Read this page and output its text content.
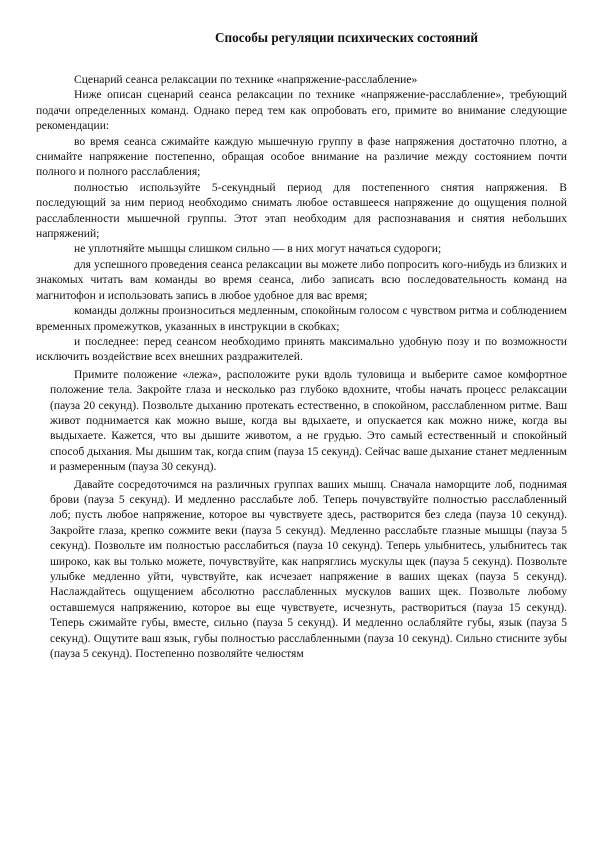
Способы регуляции психических состояний

Сценарий сеанса релаксации по технике «напряжение-расслабление»

Ниже описан сценарий сеанса релаксации по технике «напряжение-расслабление», требующий подачи определенных команд. Однако перед тем как опробовать его, примите во внимание следующие рекомендации:

во время сеанса сжимайте каждую мышечную группу в фазе напряжения достаточно плотно, а снимайте напряжение постепенно, обращая особое внимание на различие между состоянием почти полного и полного расслабления;

полностью используйте 5-секундный период для постепенного снятия напряжения. В последующий за ним период необходимо снимать любое оставшееся напряжение до ощущения полной расслабленности мышечной группы. Этот этап необходим для распознавания и снятия небольших напряжений;

не уплотняйте мышцы слишком сильно — в них могут начаться судороги;

для успешного проведения сеанса релаксации вы можете либо попросить кого-нибудь из близких и знакомых читать вам команды во время сеанса, либо записать всю последовательность команд на магнитофон и использовать запись в любое удобное для вас время;

команды должны произноситься медленным, спокойным голосом с чувством ритма и соблюдением временных промежутков, указанных в инструкции в скобках;

и последнее: перед сеансом необходимо принять максимально удобную позу и по возможности исключить воздействие всех внешних раздражителей.

Примите положение «лежа», расположите руки вдоль туловища и выберите самое комфортное положение тела. Закройте глаза и несколько раз глубоко вдохните, чтобы начать процесс релаксации (пауза 20 секунд). Позвольте дыханию протекать естественно, в спокойном, расслабленном ритме. Ваш живот поднимается как можно выше, когда вы вдыхаете, и опускается как можно ниже, когда вы выдыхаете. Кажется, что вы дышите животом, а не грудью. Это самый естественный и спокойный способ дыхания. Мы дышим так, когда спим (пауза 15 секунд). Сейчас ваше дыхание станет медленным и размеренным (пауза 30 секунд).

Давайте сосредоточимся на различных группах ваших мышц. Сначала наморщите лоб, поднимая брови (пауза 5 секунд). И медленно расслабьте лоб. Теперь почувствуйте полностью расслабленный лоб; пусть любое напряжение, которое вы чувствуете здесь, растворится без следа (пауза 10 секунд). Закройте глаза, крепко сожмите веки (пауза 5 секунд). Медленно расслабьте глазные мышцы (пауза 5 секунд). Позвольте им полностью расслабиться (пауза 10 секунд). Теперь улыбнитесь, улыбнитесь так широко, как вы только можете, почувствуйте, как напряглись мускулы щек (пауза 5 секунд). Позвольте улыбке медленно уйти, чувствуйте, как исчезает напряжение в ваших щеках (пауза 5 секунд). Наслаждайтесь ощущением абсолютно расслабленных мускулов ваших щек. Позвольте любому оставшемуся напряжению, которое вы еще чувствуете, исчезнуть, раствориться (пауза 15 секунд). Теперь сжимайте губы, вместе, сильно (пауза 5 секунд). И медленно ослабляйте губы, язык (пауза 5 секунд). Ощутите ваш язык, губы полностью расслабленными (пауза 10 секунд). Сильно стисните зубы (пауза 5 секунд). Постепенно позволяйте челюстям
